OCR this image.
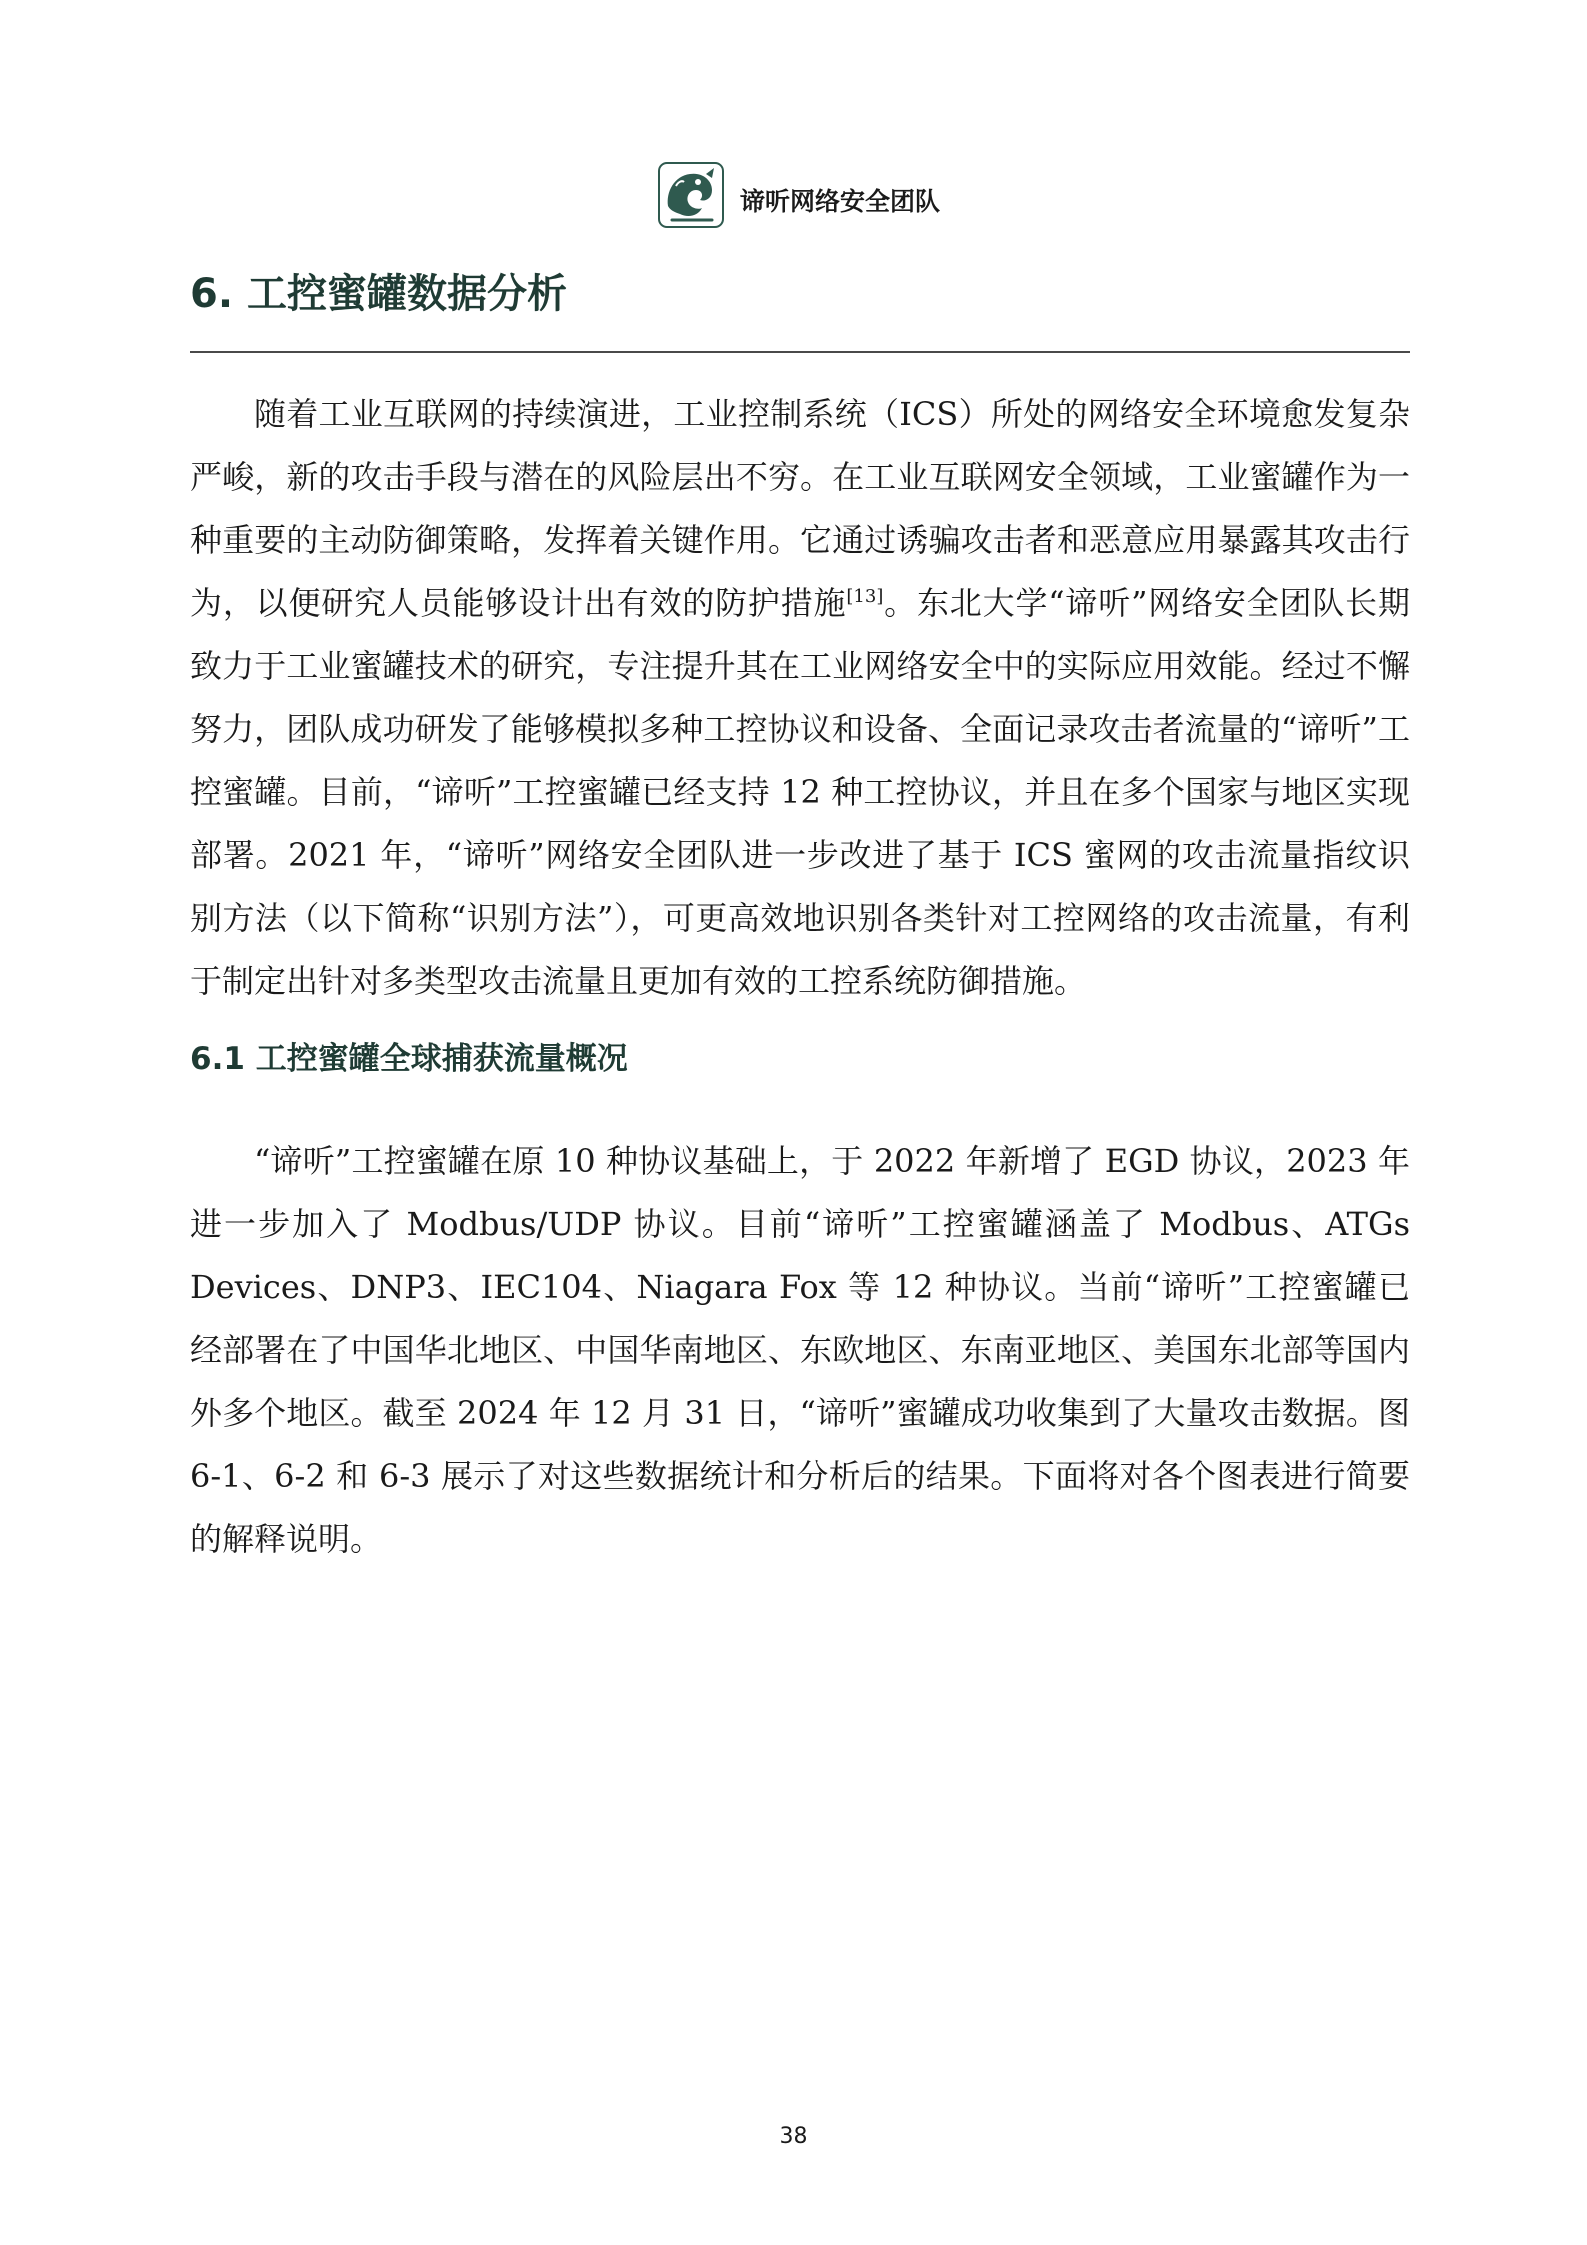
谛听网络安全团队
6. 工控蜜罐数据分析

随着工业互联网的持续演进，工业控制系统（ICS）所处的网络安全环境愈发复杂严峻，新的攻击手段与潜在的风险层出不穷。在工业互联网安全领域，工业蜜罐作为一种重要的主动防御策略，发挥着关键作用。它通过诱骗攻击者和恶意应用暴露其攻击行为，以便研究人员能够设计出有效的防护措施[13]。东北大学“谛听”网络安全团队长期致力于工业蜜罐技术的研究，专注提升其在工业网络安全中的实际应用效能。经过不懈努力，团队成功研发了能够模拟多种工控协议和设备、全面记录攻击者流量的“谛听”工控蜜罐。目前，“谛听”工控蜜罐已经支持 12 种工控协议，并且在多个国家与地区实现部署。2021 年，“谛听”网络安全团队进一步改进了基于 ICS 蜜网的攻击流量指纹识别方法（以下简称“识别方法”），可更高效地识别各类针对工控网络的攻击流量，有利于制定出针对多类型攻击流量且更加有效的工控系统防御措施。

6.1 工控蜜罐全球捕获流量概况

“谛听”工控蜜罐在原 10 种协议基础上，于 2022 年新增了 EGD 协议，2023 年进一步加入了 Modbus/UDP 协议。目前“谛听”工控蜜罐涵盖了 Modbus、ATGs Devices、DNP3、IEC104、Niagara Fox 等 12 种协议。当前“谛听”工控蜜罐已经部署在了中国华北地区、中国华南地区、东欧地区、东南亚地区、美国东北部等国内外多个地区。截至 2024 年 12 月 31 日，“谛听”蜜罐成功收集到了大量攻击数据。图 6-1、6-2 和 6-3 展示了对这些数据统计和分析后的结果。下面将对各个图表进行简要的解释说明。

38
